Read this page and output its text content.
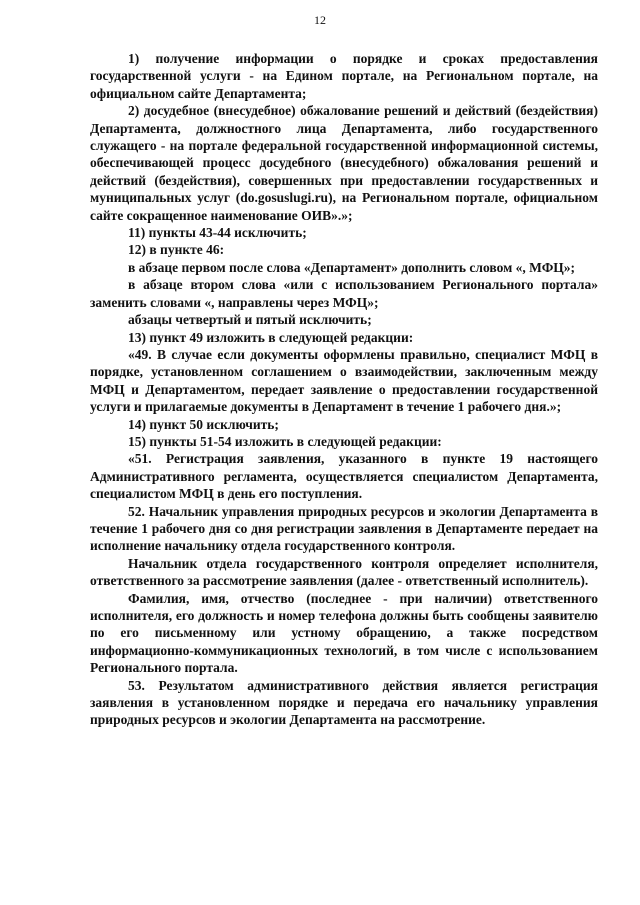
12

1) получение информации о порядке и сроках предоставления государственной услуги - на Едином портале, на Региональном портале, на официальном сайте Департамента;

2) досудебное (внесудебное) обжалование решений и действий (бездействия) Департамента, должностного лица Департамента, либо государственного служащего - на портале федеральной государственной информационной системы, обеспечивающей процесс досудебного (внесудебного) обжалования решений и действий (бездействия), совершенных при предоставлении государственных и муниципальных услуг (do.gosuslugi.ru), на Региональном портале, официальном сайте сокращенное наименование ОИВ».»;

11) пункты 43-44 исключить;

12) в пункте 46:

в абзаце первом после слова «Департамент» дополнить словом «, МФЦ»;

в абзаце втором слова «или с использованием Регионального портала» заменить словами «, направлены через МФЦ»;

абзацы четвертый и пятый исключить;

13) пункт 49 изложить в следующей редакции:

«49. В случае если документы оформлены правильно, специалист МФЦ в порядке, установленном соглашением о взаимодействии, заключенным между МФЦ и Департаментом, передает заявление о предоставлении государственной услуги и прилагаемые документы в Департамент в течение 1 рабочего дня.»;

14) пункт 50 исключить;

15) пункты 51-54 изложить в следующей редакции:

«51. Регистрация заявления, указанного в пункте 19 настоящего Административного регламента, осуществляется специалистом Департамента, специалистом МФЦ в день его поступления.

52. Начальник управления природных ресурсов и экологии Департамента в течение 1 рабочего дня со дня регистрации заявления в Департаменте передает на исполнение начальнику отдела государственного контроля.

Начальник отдела государственного контроля определяет исполнителя, ответственного за рассмотрение заявления (далее - ответственный исполнитель).

Фамилия, имя, отчество (последнее - при наличии) ответственного исполнителя, его должность и номер телефона должны быть сообщены заявителю по его письменному или устному обращению, а также посредством информационно-коммуникационных технологий, в том числе с использованием Регионального портала.

53. Результатом административного действия является регистрация заявления в установленном порядке и передача его начальнику управления природных ресурсов и экологии Департамента на рассмотрение.
